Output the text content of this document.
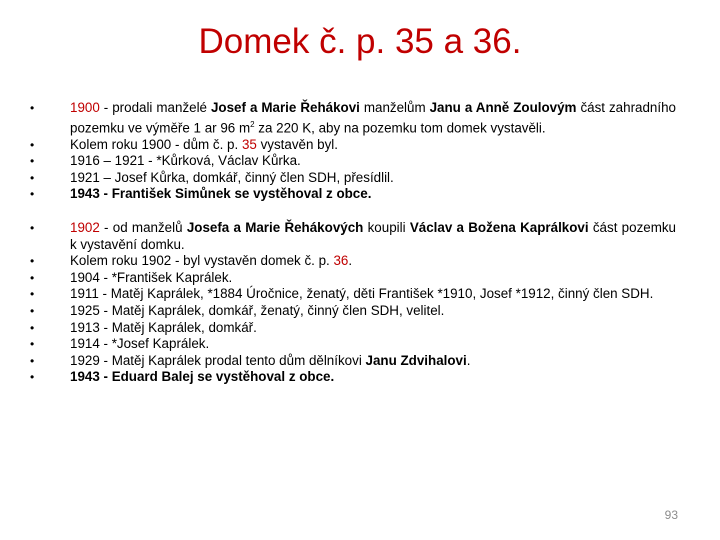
Domek č. p. 35 a 36.
•	1900 - prodali manželé Josef a Marie Řehákovi manželům Janu a Anně Zoulovým část zahradního pozemku ve výměře 1 ar 96 $m^2$ za 220 K, aby na pozemku tom domek vystavěli.
•	Kolem roku 1900 - dům č. p. 35 vystavěn byl.
•	1916 – 1921 - *Kůrková, Václav Kůrka.
•	1921 – Josef Kůrka, domkář, činný člen SDH, přesídlil.
•	1943 - František Simůnek se vystěhoval z obce.
•	1902 - od manželů Josefa a Marie Řehákových koupili Václav a Božena Kaprálkovi část pozemku k vystavění domku.
•	Kolem roku 1902 - byl vystavěn domek č. p. 36.
•	1904 - *František Kaprálek.
•	1911 - Matěj Kaprálek, *1884 Úročnice, ženatý, děti František *1910, Josef *1912, činný člen SDH.
•	1925 - Matěj Kaprálek, domkář, ženatý, činný člen SDH, velitel.
•	1913 - Matěj Kaprálek, domkář.
•	1914 - *Josef Kaprálek.
•	1929 - Matěj Kaprálek prodal tento dům dělníkovi Janu Zdvihalovi.
•	1943 - Eduard Balej se vystěhoval z obce.
93
